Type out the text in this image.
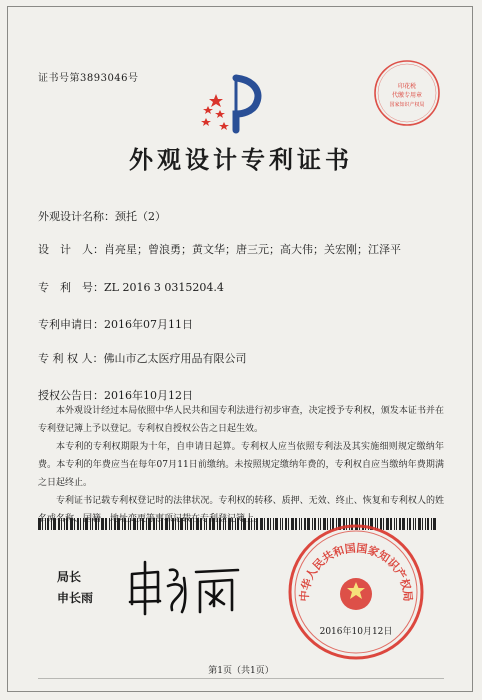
证书号第3893046号
印花税
代缴专用章
国家知识产权局
外观设计专利证书
外观设计名称：颈托（2）
设　计　人：肖亮星；曾浪勇；黄文华；唐三元；高大伟；关宏刚；江泽平
专　利　号：ZL 2016 3 0315204.4
专利申请日：2016年07月11日
专 利 权 人：佛山市乙太医疗用品有限公司
授权公告日：2016年10月12日

本外观设计经过本局依照中华人民共和国专利法进行初步审查，决定授予专利权，颁发本证书并在专利登记簿上予以登记。专利权自授权公告之日起生效。

本专利的专利权期限为十年，自申请日起算。专利权人应当依照专利法及其实施细则规定缴纳年费。本专利的年费应当在每年07月11日前缴纳。未按照规定缴纳年费的，专利权自应当缴纳年费期满之日起终止。

专利证书记载专利权登记时的法律状况。专利权的转移、质押、无效、终止、恢复和专利权人的姓名或名称 地址变更等事项记载在专利登记簿上。

局长
申长雨	中华人民共和国国家知识产权局
2016年10月12日
第1页（共1页）
